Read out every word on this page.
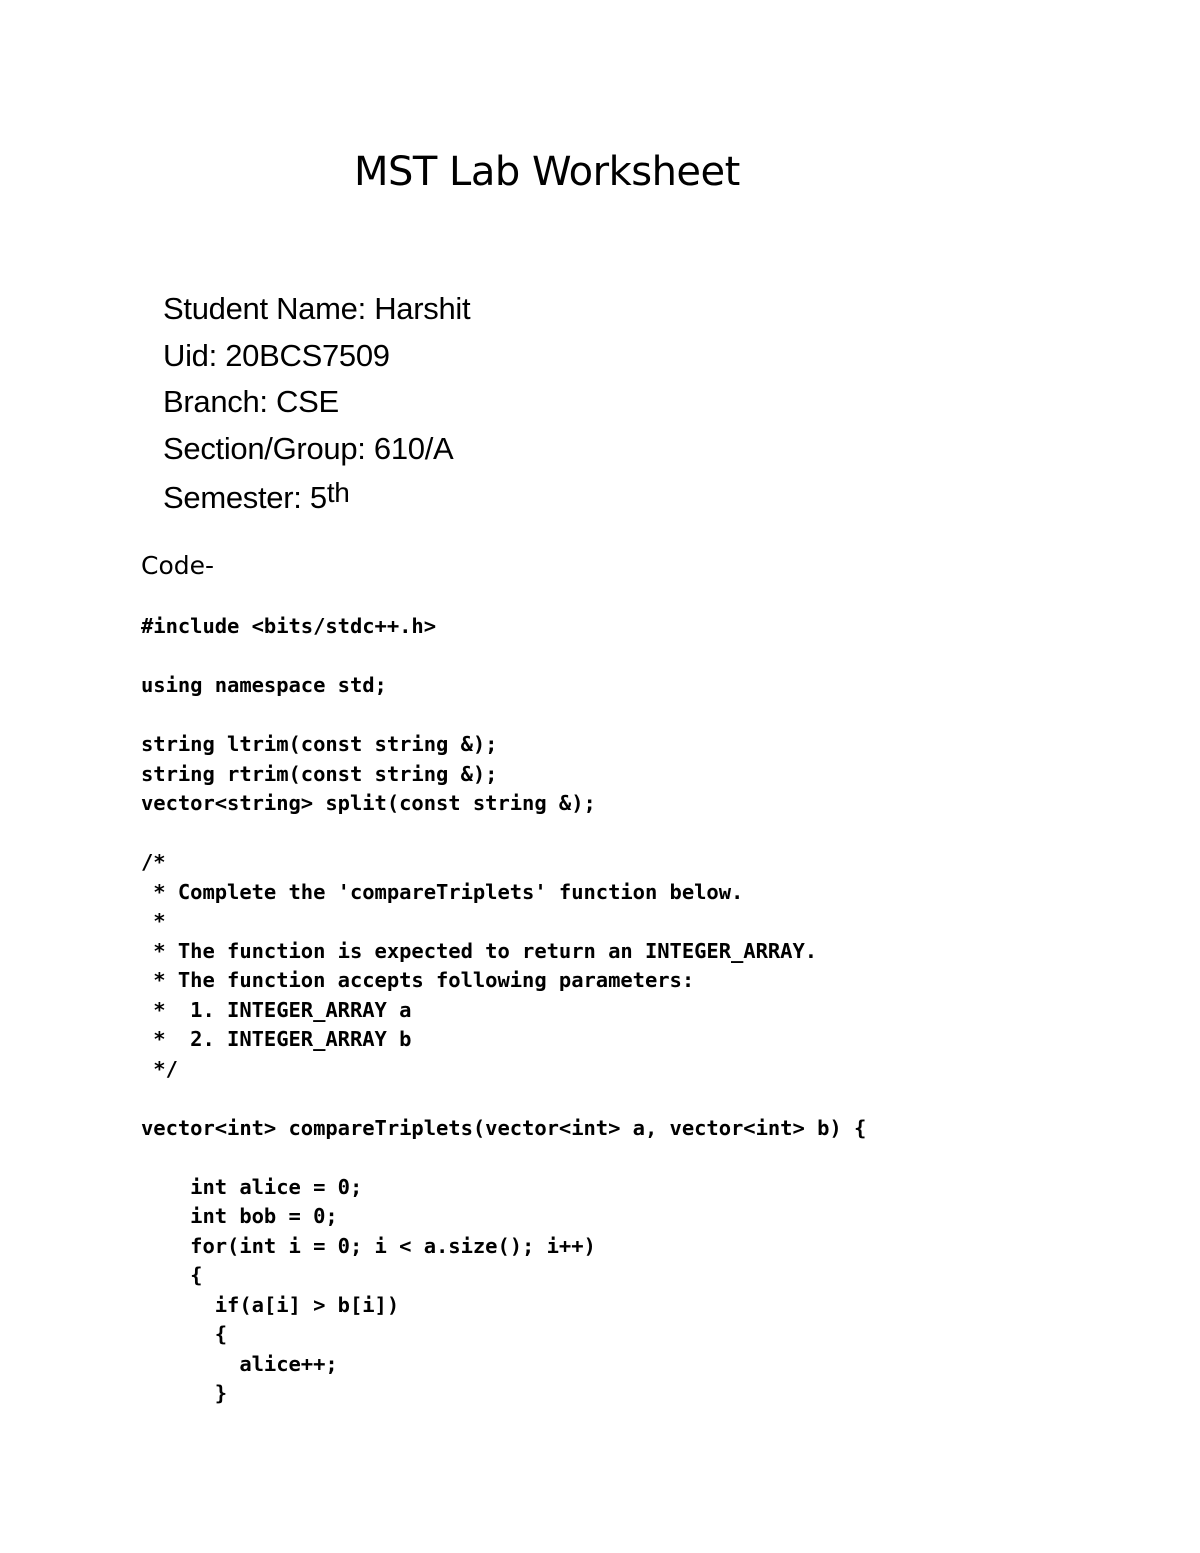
MST Lab Worksheet
Student Name: Harshit
Uid: 20BCS7509
Branch: CSE
Section/Group: 610/A
Semester: 5th
Code-
#include <bits/stdc++.h>

using namespace std;

string ltrim(const string &);
string rtrim(const string &);
vector<string> split(const string &);

/*
* Complete the 'compareTriplets' function below.
*
* The function is expected to return an INTEGER_ARRAY.
* The function accepts following parameters:
*  1. INTEGER_ARRAY a
*  2. INTEGER_ARRAY b
*/

vector<int> compareTriplets(vector<int> a, vector<int> b) {

int alice = 0;
int bob = 0;
for(int i = 0; i < a.size(); i++)
{
if(a[i] > b[i])
{
alice++;
}
